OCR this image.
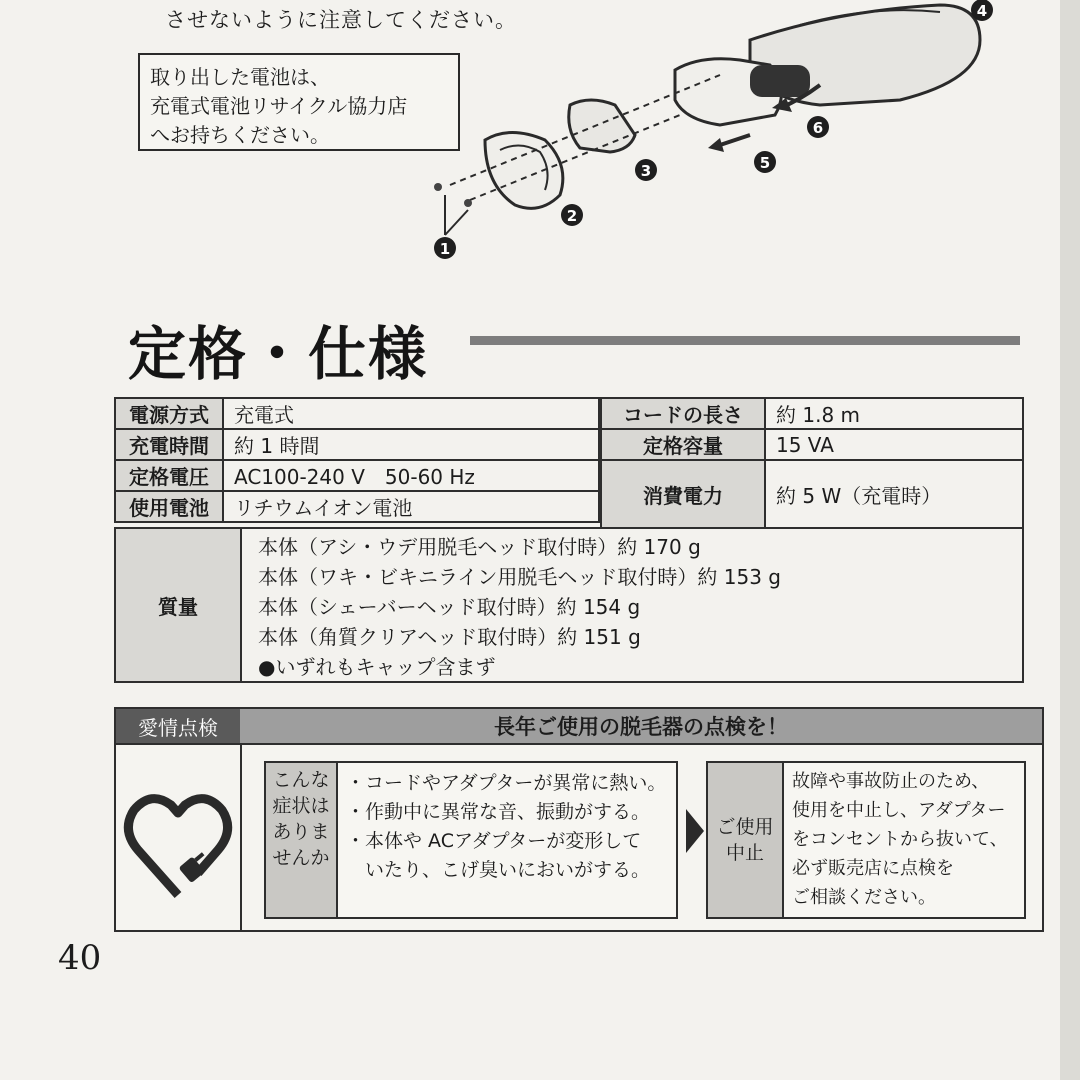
させないように注意してください。
取り出した電池は、
充電式電池リサイクル協力店
へお持ちください。
1
2
3
4
5
6
定格・仕様
電源方式	充電式
充電時間	約 1 時間
定格電圧	AC100-240 V　50-60 Hz
使用電池	リチウムイオン電池
コードの長さ	約 1.8 m
定格容量	15 VA
消費電力	約 5 W（充電時）
質量
本体（アシ・ウデ用脱毛ヘッド取付時）約 170 g
本体（ワキ・ビキニライン用脱毛ヘッド取付時）約 153 g
本体（シェーバーヘッド取付時）約 154 g
本体（角質クリアヘッド取付時）約 151 g
●いずれもキャップ含まず
愛情点検	長年ご使用の脱毛器の点検を！
こんな
症状は
ありま
せんか
・コードやアダプターが異常に熱い。
・作動中に異常な音、振動がする。
・本体や ACアダプターが変形して
　いたり、こげ臭いにおいがする。
ご使用
中止
故障や事故防止のため、
使用を中止し、アダプター
をコンセントから抜いて、
必ず販売店に点検を
ご相談ください。
40
